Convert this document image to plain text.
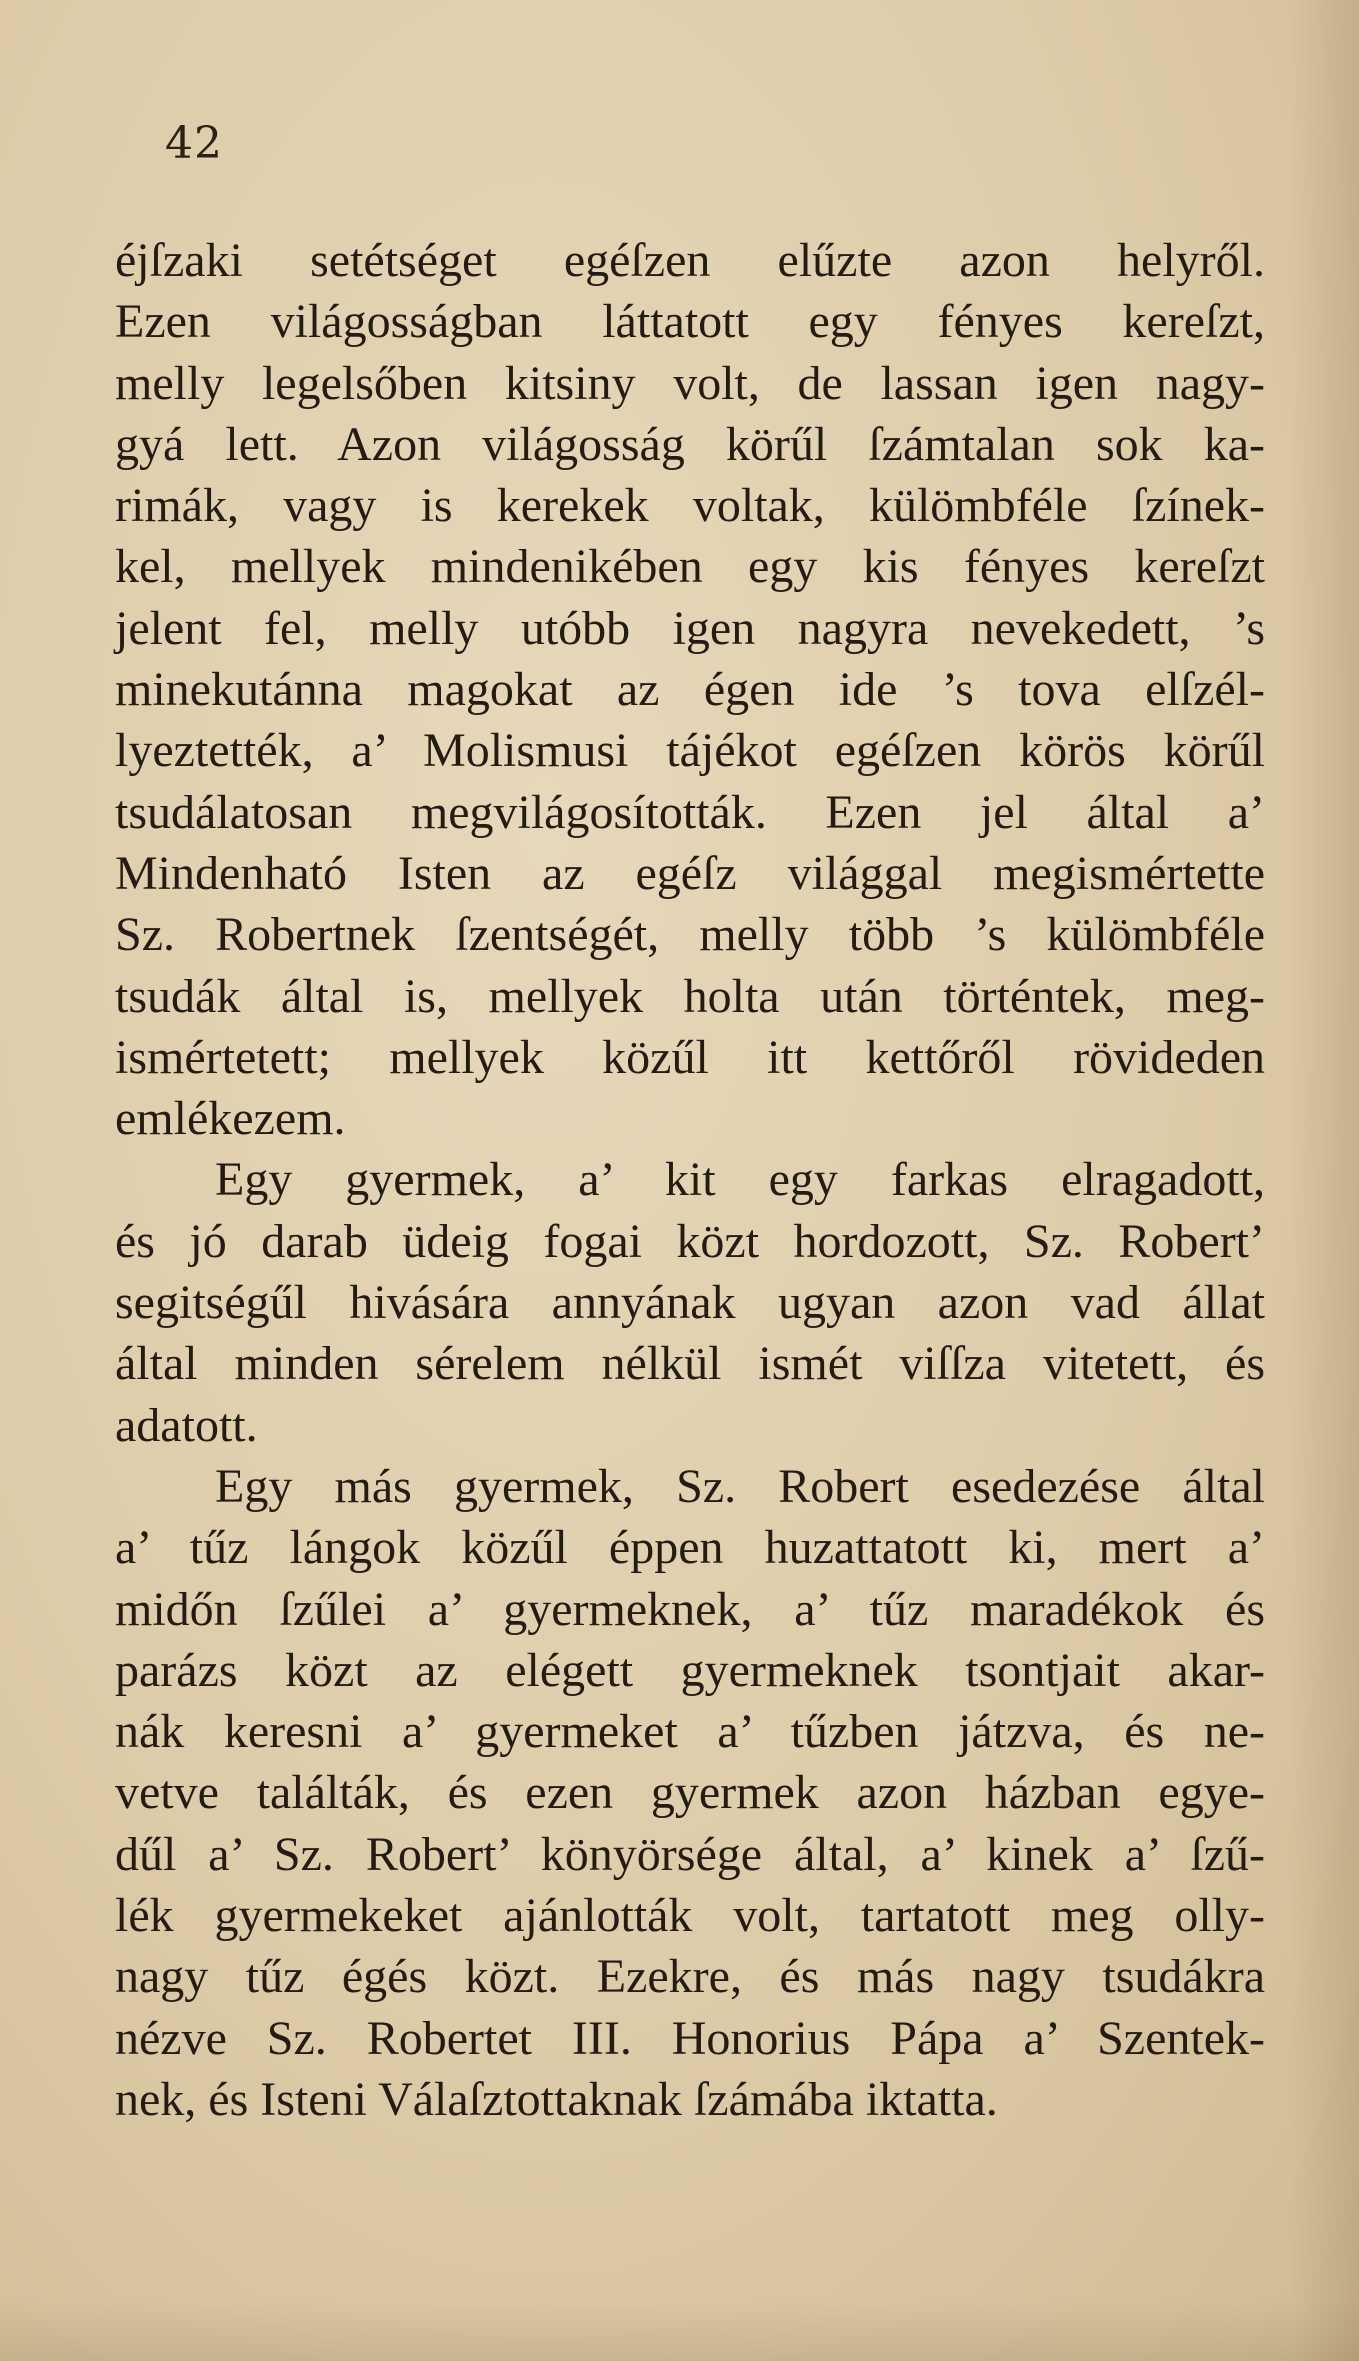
42
éjſzaki setétséget egéſzen elűzte azon helyről.
Ezen világosságban láttatott egy fényes kereſzt,
melly legelsőben kitsiny volt, de lassan igen nagy-
gyá lett. Azon világosság körűl ſzámtalan sok ka-
rimák, vagy is kerekek voltak, külömbféle ſzínek-
kel, mellyek mindenikében egy kis fényes kereſzt
jelent fel, melly utóbb igen nagyra nevekedett, ’s
minekutánna magokat az égen ide ’s tova elſzél-
lyeztették, a’ Molismusi tájékot egéſzen körös körűl
tsudálatosan megvilágosították. Ezen jel által a’
Mindenható Isten az egéſz világgal megismértette
Sz. Robertnek ſzentségét, melly több ’s külömbféle
tsudák által is, mellyek holta után történtek, meg-
ismértetett; mellyek közűl itt kettőről rövideden
emlékezem.
Egy gyermek, a’ kit egy farkas elragadott,
és jó darab üdeig fogai közt hordozott, Sz. Robert’
segitségűl hivására annyának ugyan azon vad állat
által minden sérelem nélkül ismét viſſza vitetett, és
adatott.
Egy más gyermek, Sz. Robert esedezése által
a’ tűz lángok közűl éppen huzattatott ki, mert a’
midőn ſzűlei a’ gyermeknek, a’ tűz maradékok és
parázs közt az elégett gyermeknek tsontjait akar-
nák keresni a’ gyermeket a’ tűzben játzva, és ne-
vetve találták, és ezen gyermek azon házban egye-
dűl a’ Sz. Robert’ könyörsége által, a’ kinek a’ ſzű-
lék gyermekeket ajánlották volt, tartatott meg olly-
nagy tűz égés közt. Ezekre, és más nagy tsudákra
nézve Sz. Robertet III. Honorius Pápa a’ Szentek-
nek, és Isteni Válaſztottaknak ſzámába iktatta.
